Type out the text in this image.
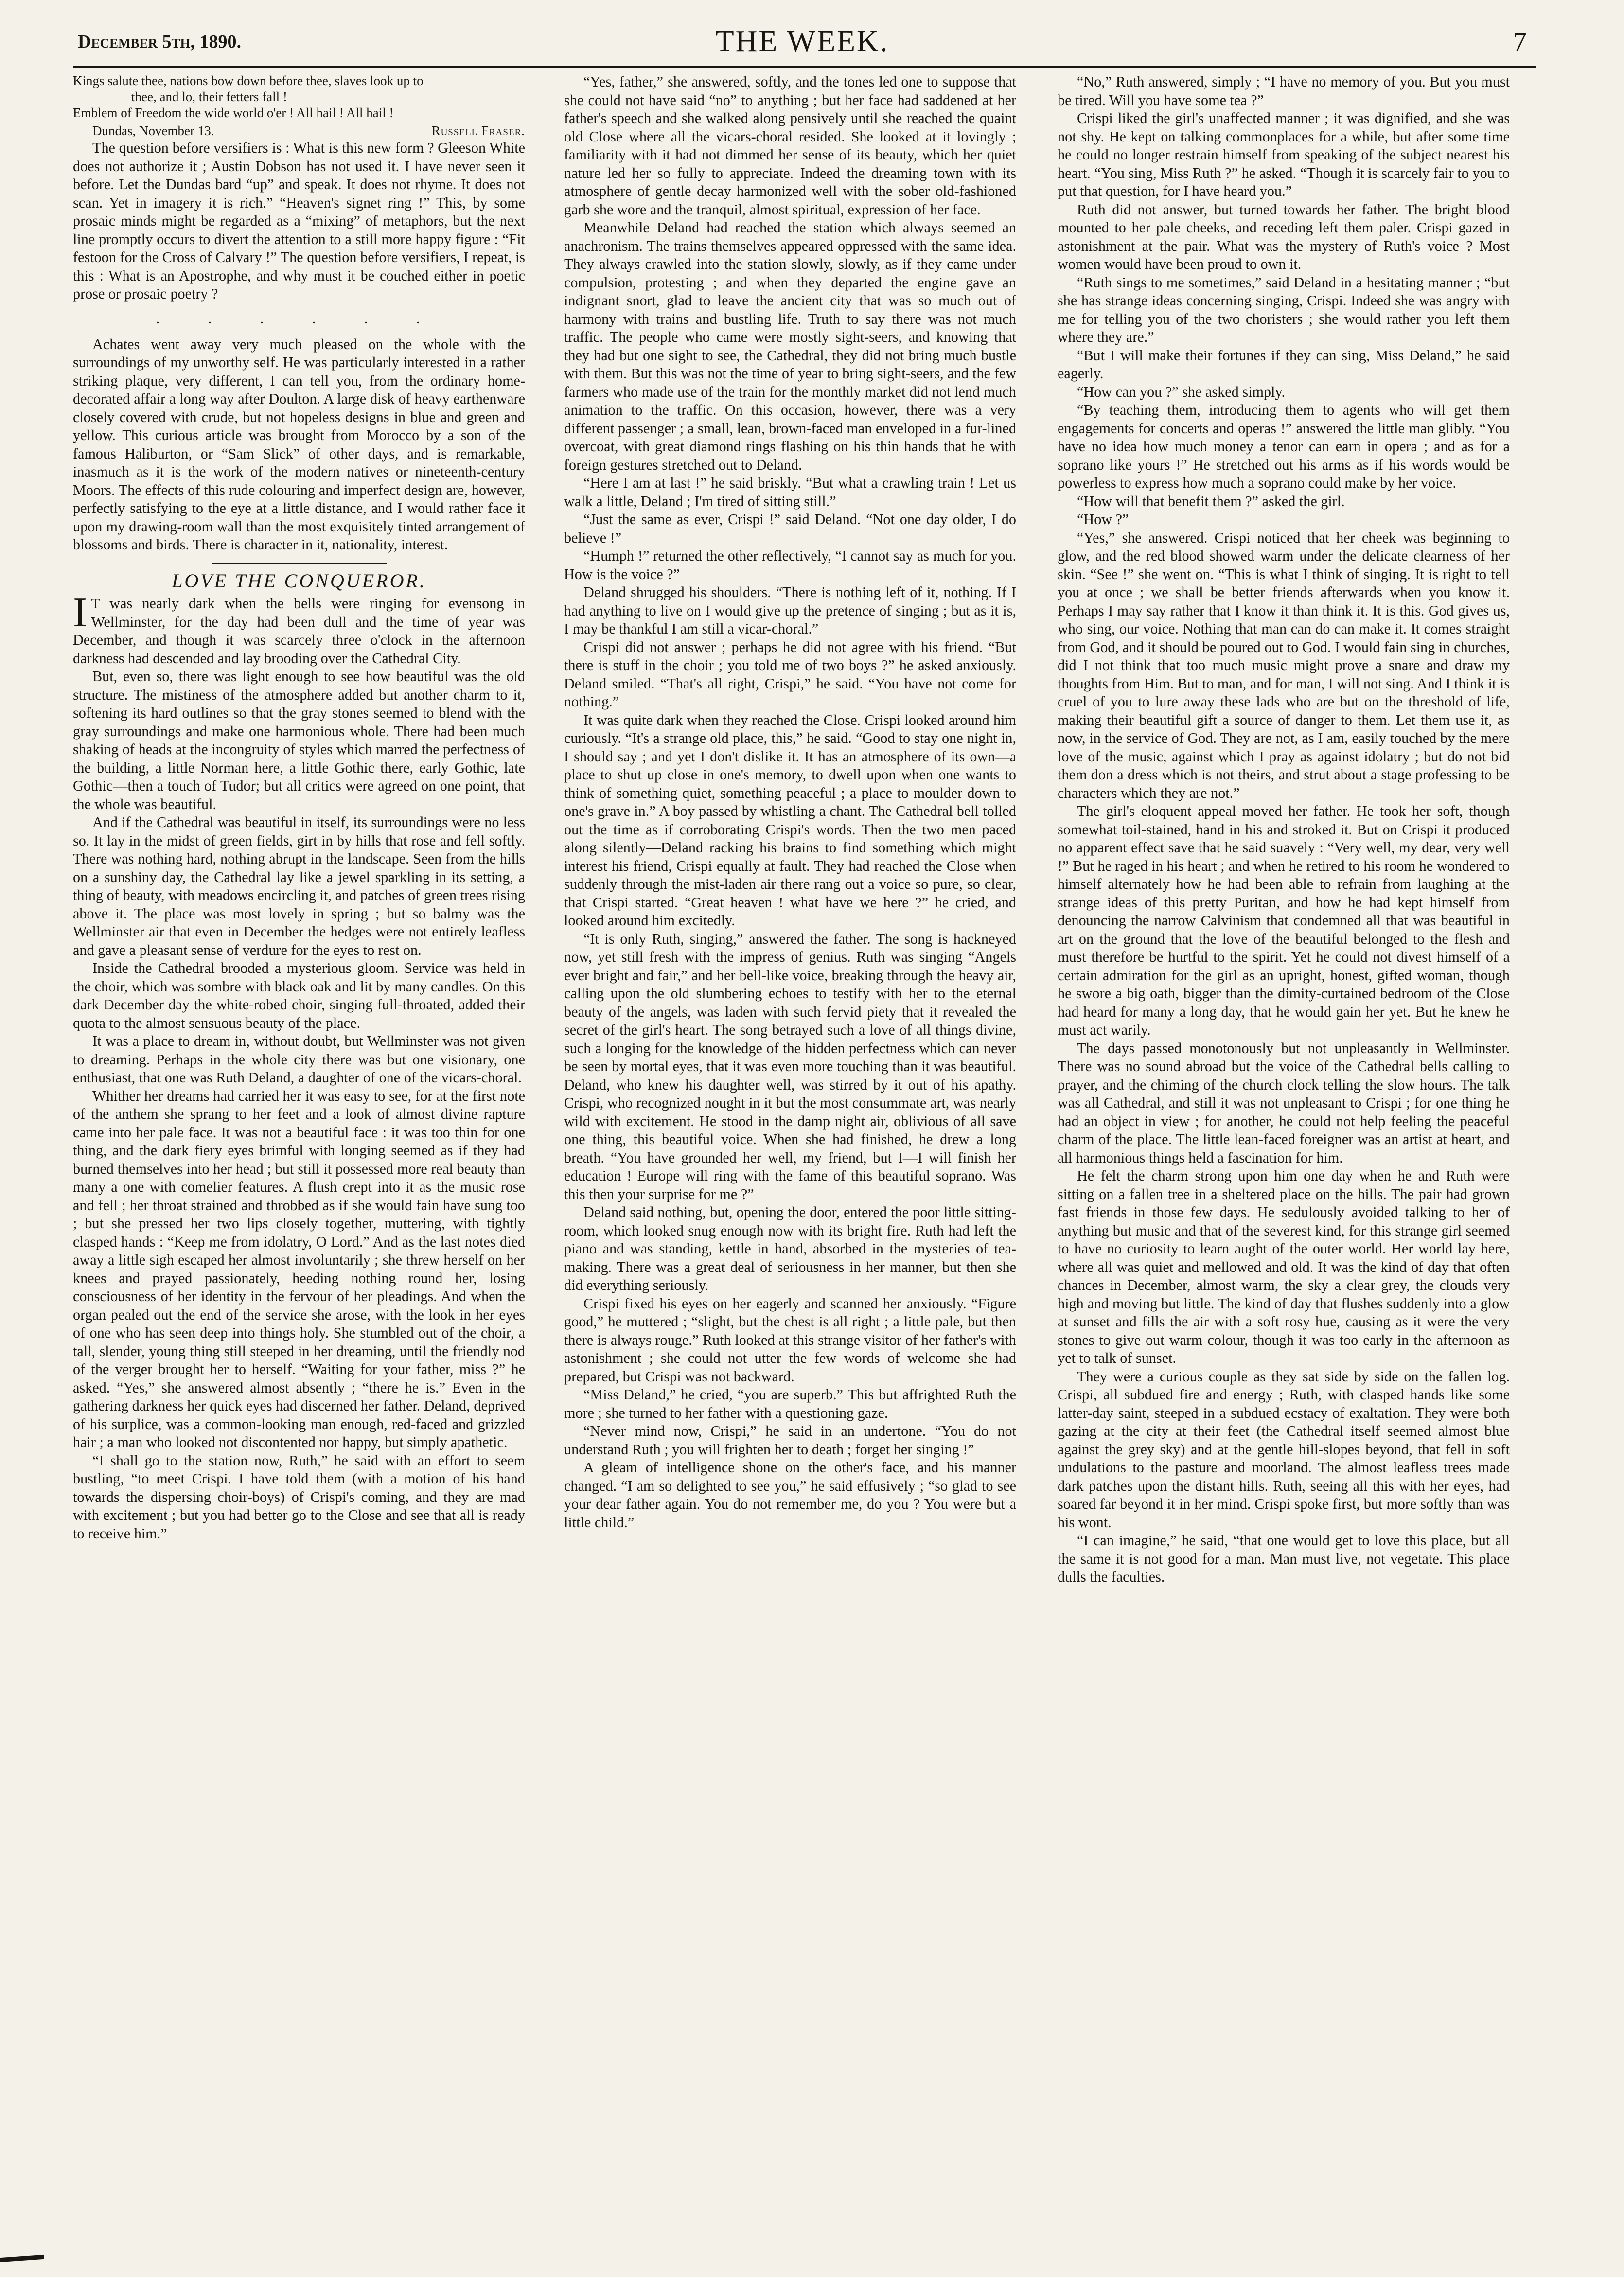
December 5th, 1890.	THE WEEK.	7
Kings salute thee, nations bow down before thee, slaves look up to
thee, and lo, their fetters fall !
Emblem of Freedom the wide world o'er ! All hail ! All hail !
Dundas, November 13.	Russell Fraser.

The question before versifiers is : What is this new form ? Gleeson White does not authorize it ; Austin Dobson has not used it. I have never seen it before. Let the Dundas bard “up” and speak. It does not rhyme. It does not scan. Yet in imagery it is rich.” “Heaven's signet ring !” This, by some prosaic minds might be regarded as a “mixing” of metaphors, but the next line promptly occurs to divert the attention to a still more happy figure : “Fit festoon for the Cross of Calvary !” The question before versifiers, I repeat, is this : What is an Apostrophe, and why must it be couched either in poetic prose or prosaic poetry ?

. . . . . .

Achates went away very much pleased on the whole with the surroundings of my unworthy self. He was particularly interested in a rather striking plaque, very different, I can tell you, from the ordinary home-decorated affair a long way after Doulton. A large disk of heavy earthenware closely covered with crude, but not hopeless designs in blue and green and yellow. This curious article was brought from Morocco by a son of the famous Haliburton, or “Sam Slick” of other days, and is remarkable, inasmuch as it is the work of the modern natives or nineteenth-century Moors. The effects of this rude colouring and imperfect design are, however, perfectly satisfying to the eye at a little distance, and I would rather face it upon my drawing-room wall than the most exquisitely tinted arrangement of blossoms and birds. There is character in it, nationality, interest.

LOVE THE CONQUEROR.

I T was nearly dark when the bells were ringing for evensong in Wellminster, for the day had been dull and the time of year was December, and though it was scarcely three o'clock in the afternoon darkness had descended and lay brooding over the Cathedral City.

But, even so, there was light enough to see how beautiful was the old structure. The mistiness of the atmosphere added but another charm to it, softening its hard outlines so that the gray stones seemed to blend with the gray surroundings and make one harmonious whole. There had been much shaking of heads at the incongruity of styles which marred the perfectness of the building, a little Norman here, a little Gothic there, early Gothic, late Gothic—then a touch of Tudor; but all critics were agreed on one point, that the whole was beautiful.

And if the Cathedral was beautiful in itself, its surroundings were no less so. It lay in the midst of green fields, girt in by hills that rose and fell softly. There was nothing hard, nothing abrupt in the landscape. Seen from the hills on a sunshiny day, the Cathedral lay like a jewel sparkling in its setting, a thing of beauty, with meadows encircling it, and patches of green trees rising above it. The place was most lovely in spring ; but so balmy was the Wellminster air that even in December the hedges were not entirely leafless and gave a pleasant sense of verdure for the eyes to rest on.

Inside the Cathedral brooded a mysterious gloom. Service was held in the choir, which was sombre with black oak and lit by many candles. On this dark December day the white-robed choir, singing full-throated, added their quota to the almost sensuous beauty of the place.

It was a place to dream in, without doubt, but Wellminster was not given to dreaming. Perhaps in the whole city there was but one visionary, one enthusiast, that one was Ruth Deland, a daughter of one of the vicars-choral.

Whither her dreams had carried her it was easy to see, for at the first note of the anthem she sprang to her feet and a look of almost divine rapture came into her pale face. It was not a beautiful face : it was too thin for one thing, and the dark fiery eyes brimful with longing seemed as if they had burned themselves into her head ; but still it possessed more real beauty than many a one with comelier features. A flush crept into it as the music rose and fell ; her throat strained and throbbed as if she would fain have sung too ; but she pressed her two lips closely together, muttering, with tightly clasped hands : “Keep me from idolatry, O Lord.” And as the last notes died away a little sigh escaped her almost involuntarily ; she threw herself on her knees and prayed passionately, heeding nothing round her, losing consciousness of her identity in the fervour of her pleadings. And when the organ pealed out the end of the service she arose, with the look in her eyes of one who has seen deep into things holy. She stumbled out of the choir, a tall, slender, young thing still steeped in her dreaming, until the friendly nod of the verger brought her to herself. “Waiting for your father, miss ?” he asked. “Yes,” she answered almost absently ; “there he is.” Even in the gathering darkness her quick eyes had discerned her father. Deland, deprived of his surplice, was a common-looking man enough, red-faced and grizzled hair ; a man who looked not discontented nor happy, but simply apathetic.

“I shall go to the station now, Ruth,” he said with an effort to seem bustling, “to meet Crispi. I have told them (with a motion of his hand towards the dispersing choir-boys) of Crispi's coming, and they are mad with excitement ; but you had better go to the Close and see that all is ready to receive him.”

“Yes, father,” she answered, softly, and the tones led one to suppose that she could not have said “no” to anything ; but her face had saddened at her father's speech and she walked along pensively until she reached the quaint old Close where all the vicars-choral resided. She looked at it lovingly ; familiarity with it had not dimmed her sense of its beauty, which her quiet nature led her so fully to appreciate. Indeed the dreaming town with its atmosphere of gentle decay harmonized well with the sober old-fashioned garb she wore and the tranquil, almost spiritual, expression of her face.

Meanwhile Deland had reached the station which always seemed an anachronism. The trains themselves appeared oppressed with the same idea. They always crawled into the station slowly, slowly, as if they came under compulsion, protesting ; and when they departed the engine gave an indignant snort, glad to leave the ancient city that was so much out of harmony with trains and bustling life. Truth to say there was not much traffic. The people who came were mostly sight-seers, and knowing that they had but one sight to see, the Cathedral, they did not bring much bustle with them. But this was not the time of year to bring sight-seers, and the few farmers who made use of the train for the monthly market did not lend much animation to the traffic. On this occasion, however, there was a very different passenger ; a small, lean, brown-faced man enveloped in a fur-lined overcoat, with great diamond rings flashing on his thin hands that he with foreign gestures stretched out to Deland.

“Here I am at last !” he said briskly. “But what a crawling train ! Let us walk a little, Deland ; I'm tired of sitting still.”

“Just the same as ever, Crispi !” said Deland. “Not one day older, I do believe !”

“Humph !” returned the other reflectively, “I cannot say as much for you. How is the voice ?”

Deland shrugged his shoulders. “There is nothing left of it, nothing. If I had anything to live on I would give up the pretence of singing ; but as it is, I may be thankful I am still a vicar-choral.”

Crispi did not answer ; perhaps he did not agree with his friend. “But there is stuff in the choir ; you told me of two boys ?” he asked anxiously. Deland smiled. “That's all right, Crispi,” he said. “You have not come for nothing.”

It was quite dark when they reached the Close. Crispi looked around him curiously. “It's a strange old place, this,” he said. “Good to stay one night in, I should say ; and yet I don't dislike it. It has an atmosphere of its own—a place to shut up close in one's memory, to dwell upon when one wants to think of something quiet, something peaceful ; a place to moulder down to one's grave in.” A boy passed by whistling a chant. The Cathedral bell tolled out the time as if corroborating Crispi's words. Then the two men paced along silently—Deland racking his brains to find something which might interest his friend, Crispi equally at fault. They had reached the Close when suddenly through the mist-laden air there rang out a voice so pure, so clear, that Crispi started. “Great heaven ! what have we here ?” he cried, and looked around him excitedly.

“It is only Ruth, singing,” answered the father. The song is hackneyed now, yet still fresh with the impress of genius. Ruth was singing “Angels ever bright and fair,” and her bell-like voice, breaking through the heavy air, calling upon the old slumbering echoes to testify with her to the eternal beauty of the angels, was laden with such fervid piety that it revealed the secret of the girl's heart. The song betrayed such a love of all things divine, such a longing for the knowledge of the hidden perfectness which can never be seen by mortal eyes, that it was even more touching than it was beautiful. Deland, who knew his daughter well, was stirred by it out of his apathy. Crispi, who recognized nought in it but the most consummate art, was nearly wild with excitement. He stood in the damp night air, oblivious of all save one thing, this beautiful voice. When she had finished, he drew a long breath. “You have grounded her well, my friend, but I—I will finish her education ! Europe will ring with the fame of this beautiful soprano. Was this then your surprise for me ?”

Deland said nothing, but, opening the door, entered the poor little sitting-room, which looked snug enough now with its bright fire. Ruth had left the piano and was standing, kettle in hand, absorbed in the mysteries of tea-making. There was a great deal of seriousness in her manner, but then she did everything seriously.

Crispi fixed his eyes on her eagerly and scanned her anxiously. “Figure good,” he muttered ; “slight, but the chest is all right ; a little pale, but then there is always rouge.” Ruth looked at this strange visitor of her father's with astonishment ; she could not utter the few words of welcome she had prepared, but Crispi was not backward.

“Miss Deland,” he cried, “you are superb.” This but affrighted Ruth the more ; she turned to her father with a questioning gaze.

“Never mind now, Crispi,” he said in an undertone. “You do not understand Ruth ; you will frighten her to death ; forget her singing !”

A gleam of intelligence shone on the other's face, and his manner changed. “I am so delighted to see you,” he said effusively ; “so glad to see your dear father again. You do not remember me, do you ? You were but a little child.”

“No,” Ruth answered, simply ; “I have no memory of you. But you must be tired. Will you have some tea ?”

Crispi liked the girl's unaffected manner ; it was dignified, and she was not shy. He kept on talking commonplaces for a while, but after some time he could no longer restrain himself from speaking of the subject nearest his heart. “You sing, Miss Ruth ?” he asked. “Though it is scarcely fair to you to put that question, for I have heard you.”

Ruth did not answer, but turned towards her father. The bright blood mounted to her pale cheeks, and receding left them paler. Crispi gazed in astonishment at the pair. What was the mystery of Ruth's voice ? Most women would have been proud to own it.

“Ruth sings to me sometimes,” said Deland in a hesitating manner ; “but she has strange ideas concerning singing, Crispi. Indeed she was angry with me for telling you of the two choristers ; she would rather you left them where they are.”

“But I will make their fortunes if they can sing, Miss Deland,” he said eagerly.

“How can you ?” she asked simply.

“By teaching them, introducing them to agents who will get them engagements for concerts and operas !” answered the little man glibly. “You have no idea how much money a tenor can earn in opera ; and as for a soprano like yours !” He stretched out his arms as if his words would be powerless to express how much a soprano could make by her voice.

“How will that benefit them ?” asked the girl.

“How ?”

“Yes,” she answered. Crispi noticed that her cheek was beginning to glow, and the red blood showed warm under the delicate clearness of her skin. “See !” she went on. “This is what I think of singing. It is right to tell you at once ; we shall be better friends afterwards when you know it. Perhaps I may say rather that I know it than think it. It is this. God gives us, who sing, our voice. Nothing that man can do can make it. It comes straight from God, and it should be poured out to God. I would fain sing in churches, did I not think that too much music might prove a snare and draw my thoughts from Him. But to man, and for man, I will not sing. And I think it is cruel of you to lure away these lads who are but on the threshold of life, making their beautiful gift a source of danger to them. Let them use it, as now, in the service of God. They are not, as I am, easily touched by the mere love of the music, against which I pray as against idolatry ; but do not bid them don a dress which is not theirs, and strut about a stage professing to be characters which they are not.”

The girl's eloquent appeal moved her father. He took her soft, though somewhat toil-stained, hand in his and stroked it. But on Crispi it produced no apparent effect save that he said suavely : “Very well, my dear, very well !” But he raged in his heart ; and when he retired to his room he wondered to himself alternately how he had been able to refrain from laughing at the strange ideas of this pretty Puritan, and how he had kept himself from denouncing the narrow Calvinism that condemned all that was beautiful in art on the ground that the love of the beautiful belonged to the flesh and must therefore be hurtful to the spirit. Yet he could not divest himself of a certain admiration for the girl as an upright, honest, gifted woman, though he swore a big oath, bigger than the dimity-curtained bedroom of the Close had heard for many a long day, that he would gain her yet. But he knew he must act warily.

The days passed monotonously but not unpleasantly in Wellminster. There was no sound abroad but the voice of the Cathedral bells calling to prayer, and the chiming of the church clock telling the slow hours. The talk was all Cathedral, and still it was not unpleasant to Crispi ; for one thing he had an object in view ; for another, he could not help feeling the peaceful charm of the place. The little lean-faced foreigner was an artist at heart, and all harmonious things held a fascination for him.

He felt the charm strong upon him one day when he and Ruth were sitting on a fallen tree in a sheltered place on the hills. The pair had grown fast friends in those few days. He sedulously avoided talking to her of anything but music and that of the severest kind, for this strange girl seemed to have no curiosity to learn aught of the outer world. Her world lay here, where all was quiet and mellowed and old. It was the kind of day that often chances in December, almost warm, the sky a clear grey, the clouds very high and moving but little. The kind of day that flushes suddenly into a glow at sunset and fills the air with a soft rosy hue, causing as it were the very stones to give out warm colour, though it was too early in the afternoon as yet to talk of sunset.

They were a curious couple as they sat side by side on the fallen log. Crispi, all subdued fire and energy ; Ruth, with clasped hands like some latter-day saint, steeped in a subdued ecstacy of exaltation. They were both gazing at the city at their feet (the Cathedral itself seemed almost blue against the grey sky) and at the gentle hill-slopes beyond, that fell in soft undulations to the pasture and moorland. The almost leafless trees made dark patches upon the distant hills. Ruth, seeing all this with her eyes, had soared far beyond it in her mind. Crispi spoke first, but more softly than was his wont.

“I can imagine,” he said, “that one would get to love this place, but all the same it is not good for a man. Man must live, not vegetate. This place dulls the faculties.
